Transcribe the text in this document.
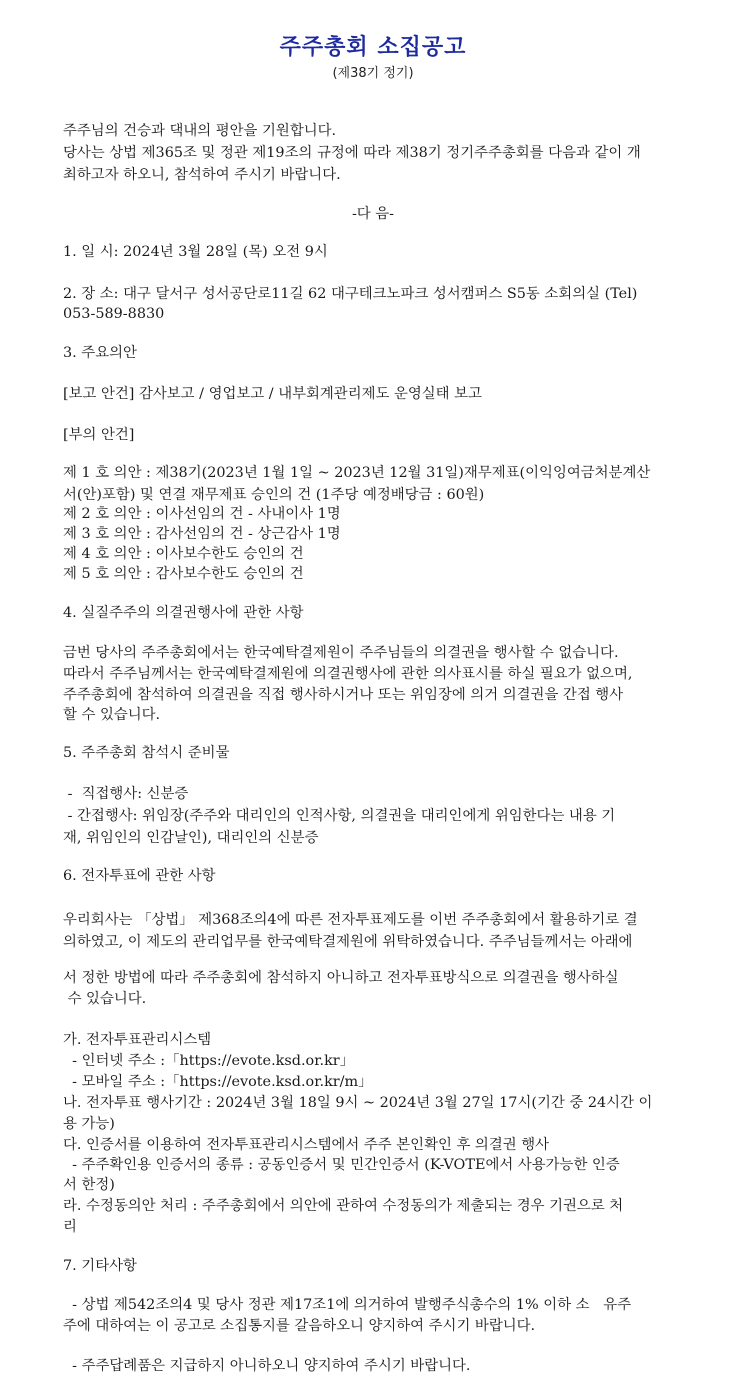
주주총회 소집공고
(제38기 정기)
주주님의 건승과 댁내의 평안을 기원합니다.
당사는 상법 제365조 및 정관 제19조의 규정에 따라 제38기 정기주주총회를 다음과 같이 개
최하고자 하오니, 참석하여 주시기 바랍니다.
-다 음-
1. 일 시: 2024년 3월 28일 (목) 오전 9시
2. 장 소: 대구 달서구 성서공단로11길 62 대구테크노파크 성서캠퍼스 S5동 소회의실 (Tel)
053-589-8830
3. 주요의안
[보고 안건] 감사보고 / 영업보고 / 내부회계관리제도 운영실태 보고
[부의 안건]
제 1 호 의안 : 제38기(2023년 1월 1일 ~ 2023년 12월 31일)재무제표(이익잉여금처분계산
서(안)포함) 및 연결 재무제표 승인의 건 (1주당 예정배당금 : 60원)
제 2 호 의안 : 이사선임의 건 - 사내이사 1명
제 3 호 의안 : 감사선임의 건 - 상근감사 1명
제 4 호 의안 : 이사보수한도 승인의 건
제 5 호 의안 : 감사보수한도 승인의 건
4. 실질주주의 의결권행사에 관한 사항
금번 당사의 주주총회에서는 한국예탁결제원이 주주님들의 의결권을 행사할 수 없습니다.
따라서 주주님께서는 한국예탁결제원에 의결권행사에 관한 의사표시를 하실 필요가 없으며,
주주총회에 참석하여 의결권을 직접 행사하시거나 또는 위임장에 의거 의결권을 간접 행사
할 수 있습니다.
5. 주주총회 참석시 준비물
-  직접행사: 신분증
- 간접행사: 위임장(주주와 대리인의 인적사항, 의결권을 대리인에게 위임한다는 내용 기
재, 위임인의 인감날인), 대리인의 신분증
6. 전자투표에 관한 사항
우리회사는 「상법」 제368조의4에 따른 전자투표제도를 이번 주주총회에서 활용하기로 결
의하였고, 이 제도의 관리업무를 한국예탁결제원에 위탁하였습니다. 주주님들께서는 아래에
서 정한 방법에 따라 주주총회에 참석하지 아니하고 전자투표방식으로 의결권을 행사하실
수 있습니다.
가. 전자투표관리시스템
- 인터넷 주소 :「https://evote.ksd.or.kr」
- 모바일 주소 :「https://evote.ksd.or.kr/m」
나. 전자투표 행사기간 : 2024년 3월 18일 9시 ~ 2024년 3월 27일 17시(기간 중 24시간 이
용 가능)
다. 인증서를 이용하여 전자투표관리시스템에서 주주 본인확인 후 의결권 행사
- 주주확인용 인증서의 종류 : 공동인증서 및 민간인증서 (K-VOTE에서 사용가능한 인증
서 한정)
라. 수정동의안 처리 : 주주총회에서 의안에 관하여 수정동의가 제출되는 경우 기권으로 처
리
7. 기타사항
- 상법 제542조의4 및 당사 정관 제17조1에 의거하여 발행주식총수의 1% 이하 소   유주
주에 대하여는 이 공고로 소집통지를 갈음하오니 양지하여 주시기 바랍니다.
- 주주답례품은 지급하지 아니하오니 양지하여 주시기 바랍니다.
